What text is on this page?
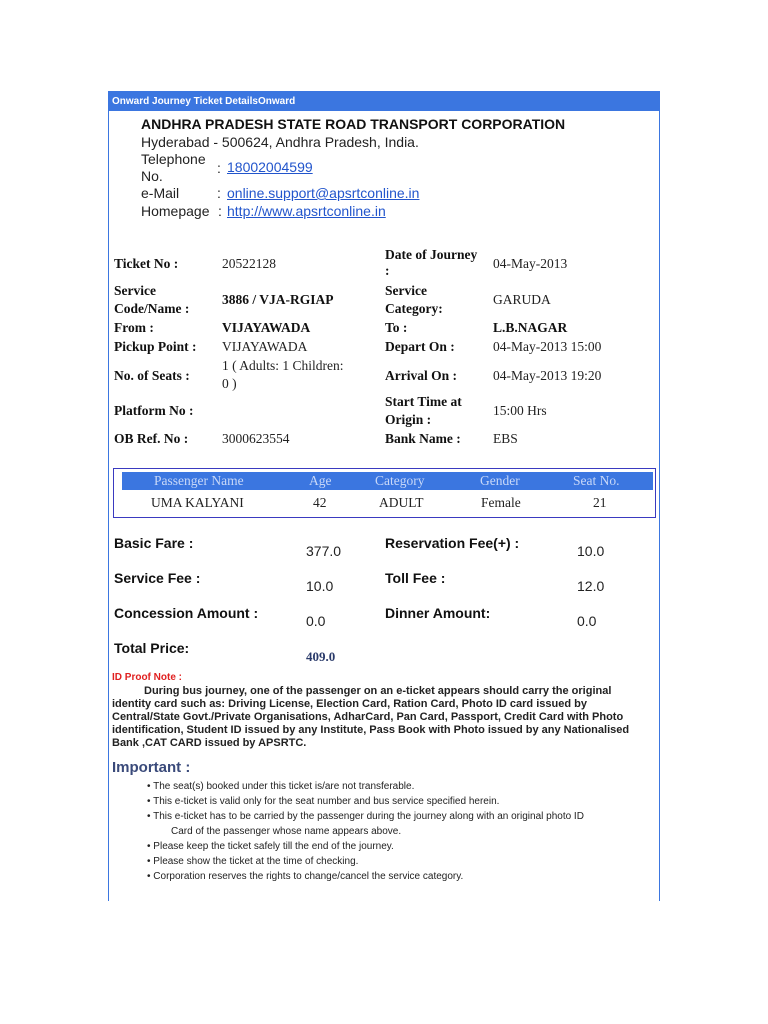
Onward Journey Ticket DetailsOnward
ANDHRA PRADESH STATE ROAD TRANSPORT CORPORATION
Hyderabad - 500624, Andhra Pradesh, India.
Telephone
No.	: 18002004599
e-Mail	: online.support@apsrtconline.in
Homepage : http://www.apsrtconline.in
Ticket No :	20522128
Date of Journey
:	04-May-2013
Service
Code/Name :
3886 / VJA-RGIAP
Service
Category:
GARUDA
From :	VIJAYAWADA	To :	L.B.NAGAR
Pickup Point : VIJAYAWADA	Depart On :	04-May-2013 15:00
No. of Seats :
1 ( Adults: 1 Children:
0 )
Arrival On :	04-May-2013 19:20
Platform No :
Start Time at
Origin :
15:00 Hrs
OB Ref. No :	3000623554	Bank Name : EBS
Passenger Name	Age	Category	Gender	Seat No.
UMA KALYANI	42	ADULT	Female	21
Basic Fare :	377.0	Reservation Fee(+) :	10.0
Service Fee :	10.0	Toll Fee :	12.0
Concession Amount :	0.0	Dinner Amount:	0.0
Total Price:
409.0
ID Proof Note :
During bus journey, one of the passenger on an e-ticket appears should carry the original
identity card such as: Driving License, Election Card, Ration Card, Photo ID card issued by
Central/State Govt./Private Organisations, AdharCard, Pan Card, Passport, Credit Card with Photo
identification, Student ID issued by any Institute, Pass Book with Photo issued by any Nationalised
Bank ,CAT CARD issued by APSRTC.
Important :
• The seat(s) booked under this ticket is/are not transferable.
• This e-ticket is valid only for the seat number and bus service specified herein.
• This e-ticket has to be carried by the passenger during the journey along with an original photo ID
Card of the passenger whose name appears above.
• Please keep the ticket safely till the end of the journey.
• Please show the ticket at the time of checking.
• Corporation reserves the rights to change/cancel the service category.
